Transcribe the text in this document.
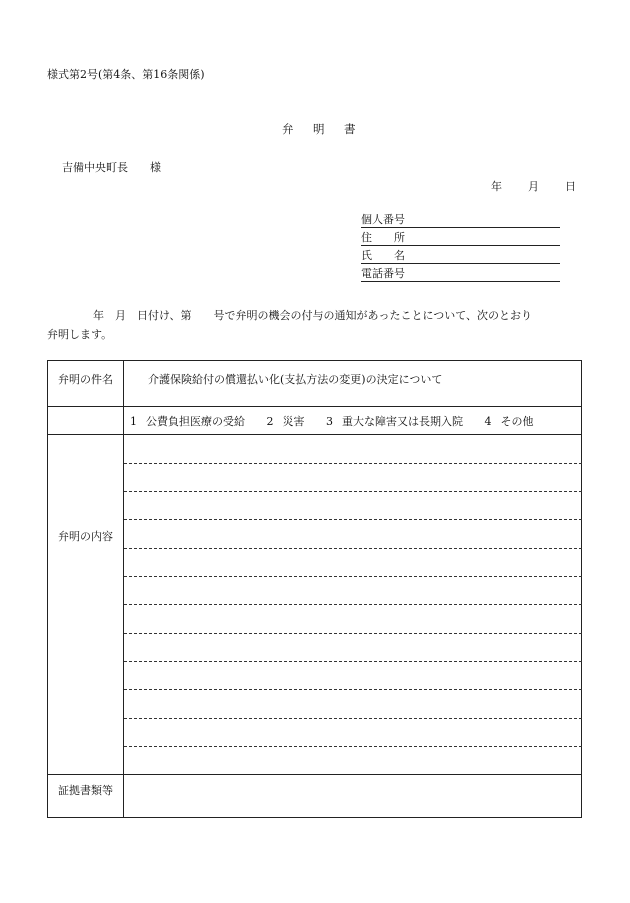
様式第2号(第4条、第16条関係)
弁　明　書
吉備中央町長　　様
年 月 日
個人番号
住　　所
氏　　名
電話番号
年　月　日付け、第　　号で弁明の機会の付与の通知があったことについて、次のとおり
弁明します。
弁明の件名	介護保険給付の償還払い化(支払方法の変更)の決定について
弁明の内容
1 公費負担医療の受給 2 災害 3 重大な障害又は長期入院 4 その他
証拠書類等
